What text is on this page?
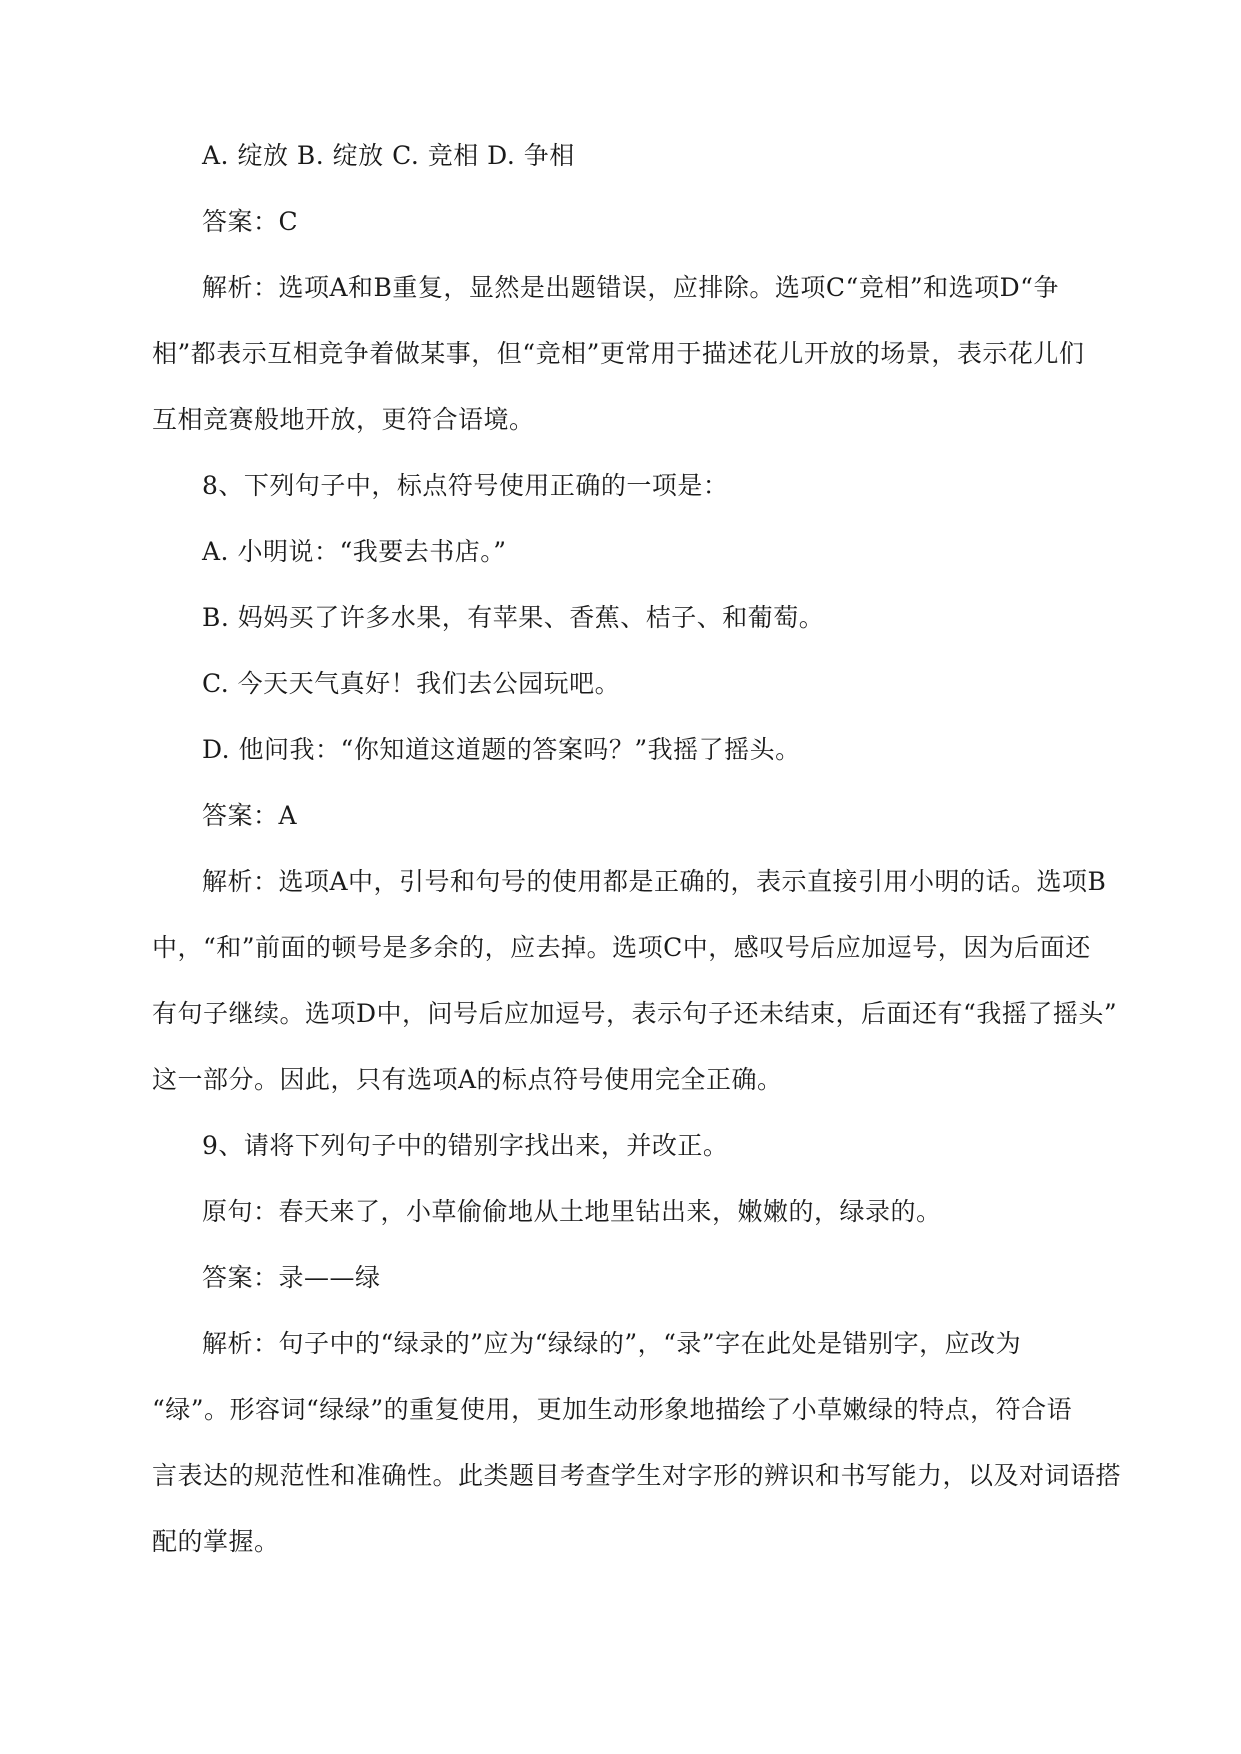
A. 绽放 B. 绽放 C. 竞相 D. 争相

答案：C

解析：选项A和B重复，显然是出题错误，应排除。选项C“竞相”和选项D“争

相”都表示互相竞争着做某事，但“竞相”更常用于描述花儿开放的场景，表示花儿们

互相竞赛般地开放，更符合语境。

8、下列句子中，标点符号使用正确的一项是：

A. 小明说：“我要去书店。”

B. 妈妈买了许多水果，有苹果、香蕉、桔子、和葡萄。

C. 今天天气真好！我们去公园玩吧。

D. 他问我：“你知道这道题的答案吗？”我摇了摇头。

答案：A

解析：选项A中，引号和句号的使用都是正确的，表示直接引用小明的话。选项B

中，“和”前面的顿号是多余的，应去掉。选项C中，感叹号后应加逗号，因为后面还

有句子继续。选项D中，问号后应加逗号，表示句子还未结束，后面还有“我摇了摇头”

这一部分。因此，只有选项A的标点符号使用完全正确。

9、请将下列句子中的错别字找出来，并改正。

原句：春天来了，小草偷偷地从土地里钻出来，嫩嫩的，绿录的。

答案：录——绿

解析：句子中的“绿录的”应为“绿绿的”，“录”字在此处是错别字，应改为

“绿”。形容词“绿绿”的重复使用，更加生动形象地描绘了小草嫩绿的特点，符合语

言表达的规范性和准确性。此类题目考查学生对字形的辨识和书写能力，以及对词语搭

配的掌握。
